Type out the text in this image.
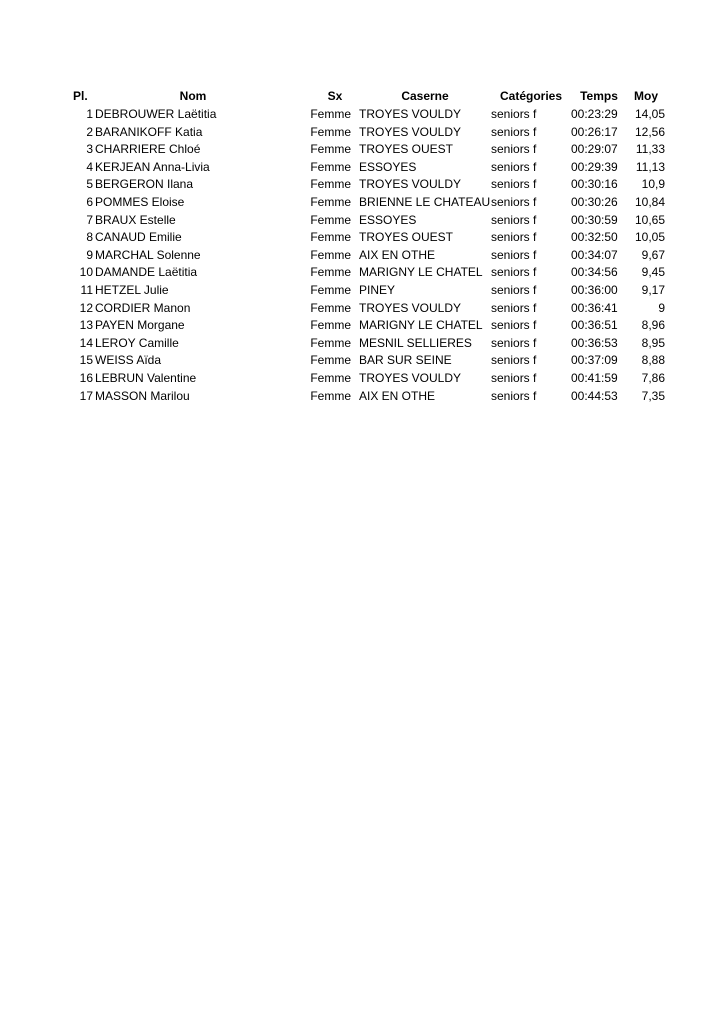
Pl.	Nom	Sx	Caserne	Catégories	Temps	Moy
1	DEBROUWER Laëtitia	Femme	TROYES VOULDY	seniors f	00:23:29	14,05
2	BARANIKOFF Katia	Femme	TROYES VOULDY	seniors f	00:26:17	12,56
3	CHARRIERE Chloé	Femme	TROYES OUEST	seniors f	00:29:07	11,33
4	KERJEAN Anna-Livia	Femme	ESSOYES	seniors f	00:29:39	11,13
5	BERGERON Ilana	Femme	TROYES VOULDY	seniors f	00:30:16	10,9
6	POMMES Eloise	Femme	BRIENNE LE CHATEAU	seniors f	00:30:26	10,84
7	BRAUX Estelle	Femme	ESSOYES	seniors f	00:30:59	10,65
8	CANAUD Emilie	Femme	TROYES OUEST	seniors f	00:32:50	10,05
9	MARCHAL Solenne	Femme	AIX EN OTHE	seniors f	00:34:07	9,67
10	DAMANDE Laëtitia	Femme	MARIGNY LE CHATEL	seniors f	00:34:56	9,45
11	HETZEL Julie	Femme	PINEY	seniors f	00:36:00	9,17
12	CORDIER Manon	Femme	TROYES VOULDY	seniors f	00:36:41	9
13	PAYEN Morgane	Femme	MARIGNY LE CHATEL	seniors f	00:36:51	8,96
14	LEROY Camille	Femme	MESNIL SELLIERES	seniors f	00:36:53	8,95
15	WEISS Aïda	Femme	BAR SUR SEINE	seniors f	00:37:09	8,88
16	LEBRUN Valentine	Femme	TROYES VOULDY	seniors f	00:41:59	7,86
17	MASSON Marilou	Femme	AIX EN OTHE	seniors f	00:44:53	7,35
